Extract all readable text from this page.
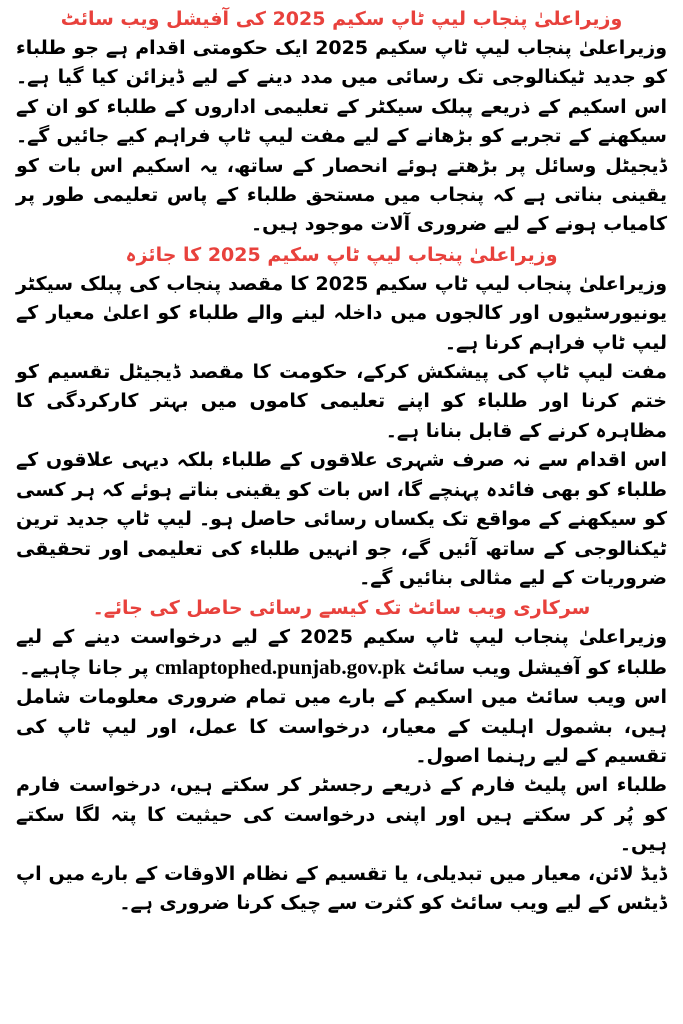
وزیراعلیٰ پنجاب لیپ ٹاپ سکیم 2025 کی آفیشل ویب سائٹ

وزیراعلیٰ پنجاب لیپ ٹاپ سکیم 2025 ایک حکومتی اقدام ہے جو طلباء کو جدید ٹیکنالوجی تک رسائی میں مدد دینے کے لیے ڈیزائن کیا گیا ہے۔ اس اسکیم کے ذریعے پبلک سیکٹر کے تعلیمی اداروں کے طلباء کو ان کے سیکھنے کے تجربے کو بڑھانے کے لیے مفت لیپ ٹاپ فراہم کیے جائیں گے۔ ڈیجیٹل وسائل پر بڑھتے ہوئے انحصار کے ساتھ، یہ اسکیم اس بات کو یقینی بناتی ہے کہ پنجاب میں مستحق طلباء کے پاس تعلیمی طور پر کامیاب ہونے کے لیے ضروری آلات موجود ہیں۔

وزیراعلیٰ پنجاب لیپ ٹاپ سکیم 2025 کا جائزہ

وزیراعلیٰ پنجاب لیپ ٹاپ سکیم 2025 کا مقصد پنجاب کی پبلک سیکٹر یونیورسٹیوں اور کالجوں میں داخلہ لینے والے طلباء کو اعلیٰ معیار کے لیپ ٹاپ فراہم کرنا ہے۔

مفت لیپ ٹاپ کی پیشکش کرکے، حکومت کا مقصد ڈیجیٹل تقسیم کو ختم کرنا اور طلباء کو اپنے تعلیمی کاموں میں بہتر کارکردگی کا مظاہرہ کرنے کے قابل بنانا ہے۔

اس اقدام سے نہ صرف شہری علاقوں کے طلباء بلکہ دیہی علاقوں کے طلباء کو بھی فائدہ پہنچے گا، اس بات کو یقینی بناتے ہوئے کہ ہر کسی کو سیکھنے کے مواقع تک یکساں رسائی حاصل ہو۔ لیپ ٹاپ جدید ترین ٹیکنالوجی کے ساتھ آئیں گے، جو انہیں طلباء کی تعلیمی اور تحقیقی ضروریات کے لیے مثالی بنائیں گے۔

سرکاری ویب سائٹ تک کیسے رسائی حاصل کی جائے۔

وزیراعلیٰ پنجاب لیپ ٹاپ سکیم 2025 کے لیے درخواست دینے کے لیے طلباء کو آفیشل ویب سائٹ cmlaptophed.punjab.gov.pk پر جانا چاہیے۔

اس ویب سائٹ میں اسکیم کے بارے میں تمام ضروری معلومات شامل ہیں، بشمول اہلیت کے معیار، درخواست کا عمل، اور لیپ ٹاپ کی تقسیم کے لیے رہنما اصول۔

طلباء اس پلیٹ فارم کے ذریعے رجسٹر کر سکتے ہیں، درخواست فارم کو پُر کر سکتے ہیں اور اپنی درخواست کی حیثیت کا پتہ لگا سکتے ہیں۔

ڈیڈ لائن، معیار میں تبدیلی، یا تقسیم کے نظام الاوقات کے بارے میں اپ ڈیٹس کے لیے ویب سائٹ کو کثرت سے چیک کرنا ضروری ہے۔
